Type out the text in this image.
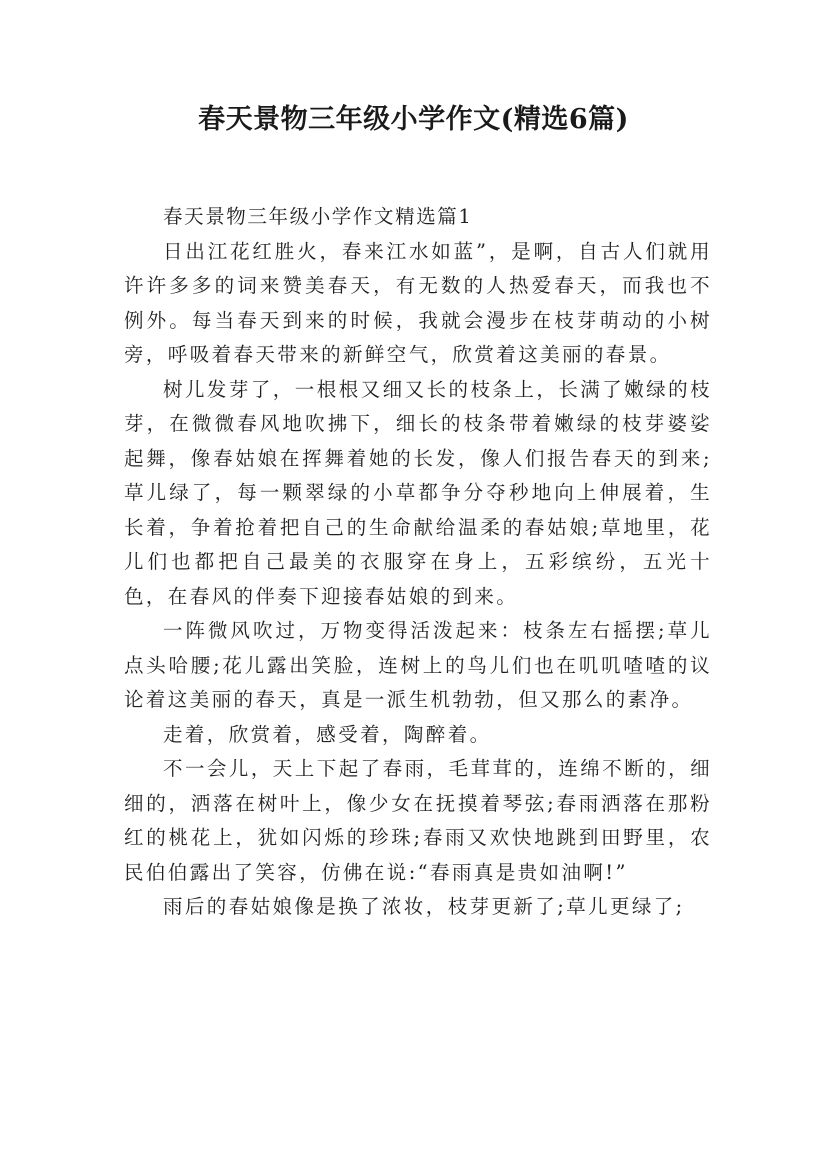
春天景物三年级小学作文(精选6篇)

春天景物三年级小学作文精选篇1

日出江花红胜火，春来江水如蓝”，是啊，自古人们就用许许多多的词来赞美春天，有无数的人热爱春天，而我也不例外。每当春天到来的时候，我就会漫步在枝芽萌动的小树旁，呼吸着春天带来的新鲜空气，欣赏着这美丽的春景。

树儿发芽了，一根根又细又长的枝条上，长满了嫩绿的枝芽，在微微春风地吹拂下，细长的枝条带着嫩绿的枝芽婆娑起舞，像春姑娘在挥舞着她的长发，像人们报告春天的到来;草儿绿了，每一颗翠绿的小草都争分夺秒地向上伸展着，生长着，争着抢着把自己的生命献给温柔的春姑娘;草地里，花儿们也都把自己最美的衣服穿在身上，五彩缤纷，五光十色，在春风的伴奏下迎接春姑娘的到来。

一阵微风吹过，万物变得活泼起来：枝条左右摇摆;草儿点头哈腰;花儿露出笑脸，连树上的鸟儿们也在叽叽喳喳的议论着这美丽的春天，真是一派生机勃勃，但又那么的素净。

走着，欣赏着，感受着，陶醉着。

不一会儿，天上下起了春雨，毛茸茸的，连绵不断的，细细的，洒落在树叶上，像少女在抚摸着琴弦;春雨洒落在那粉红的桃花上，犹如闪烁的珍珠;春雨又欢快地跳到田野里，农民伯伯露出了笑容，仿佛在说:“春雨真是贵如油啊!”

雨后的春姑娘像是换了浓妆，枝芽更新了;草儿更绿了;
